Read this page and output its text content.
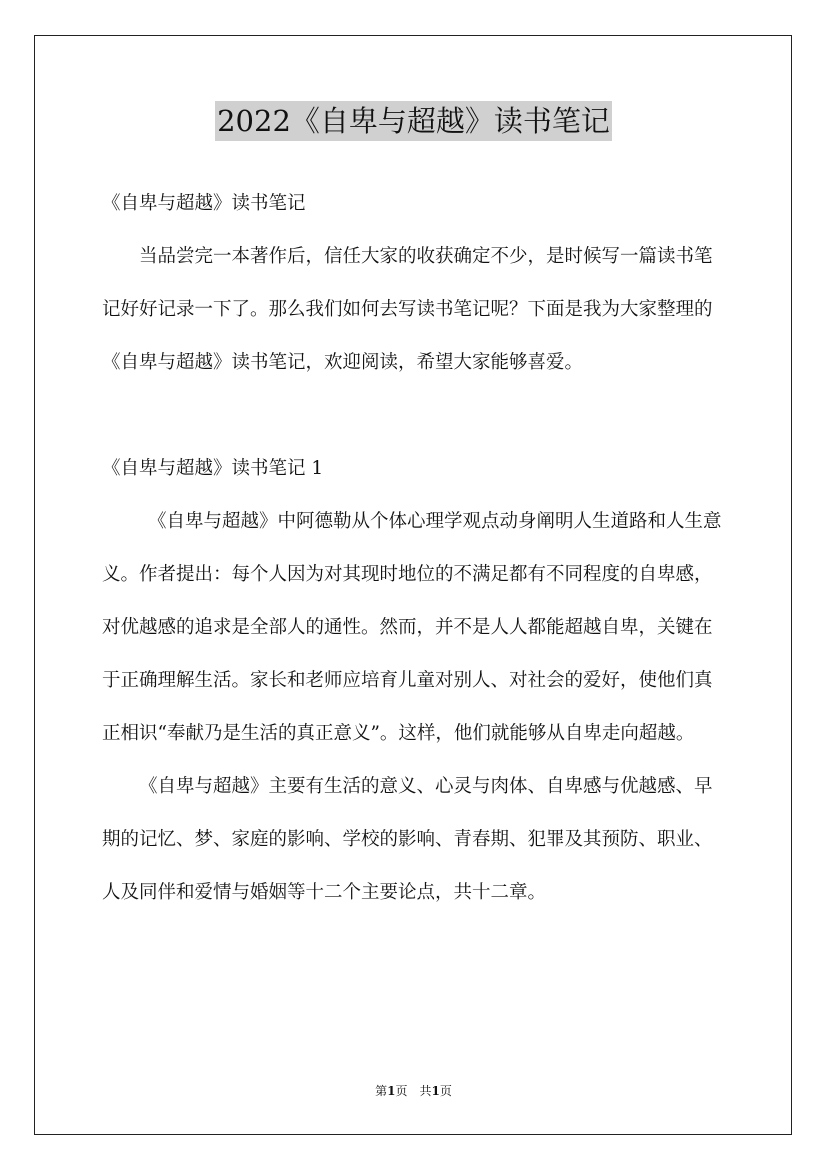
2022《自卑与超越》读书笔记

《自卑与超越》读书笔记

当品尝完一本著作后，信任大家的收获确定不少，是时候写一篇读书笔记好好记录一下了。那么我们如何去写读书笔记呢？下面是我为大家整理的《自卑与超越》读书笔记，欢迎阅读，希望大家能够喜爱。

《自卑与超越》读书笔记 1

《自卑与超越》中阿德勒从个体心理学观点动身阐明人生道路和人生意义。作者提出：每个人因为对其现时地位的不满足都有不同程度的自卑感，对优越感的追求是全部人的通性。然而，并不是人人都能超越自卑，关键在于正确理解生活。家长和老师应培育儿童对别人、对社会的爱好，使他们真正相识“奉献乃是生活的真正意义”。这样，他们就能够从自卑走向超越。

《自卑与超越》主要有生活的意义、心灵与肉体、自卑感与优越感、早期的记忆、梦、家庭的影响、学校的影响、青春期、犯罪及其预防、职业、人及同伴和爱情与婚姻等十二个主要论点，共十二章。

第1页　共1页
